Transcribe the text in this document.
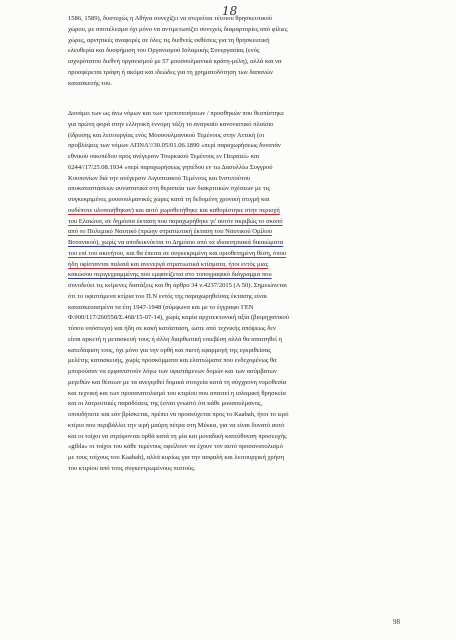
18
1586, 1589), δυστυχώς η Αθήνα συνεχίζει να στερείται τέτοιου θρησκευτικού
χώρου, με αποτέλεσμα όχι μόνο να αντιμετωπίζει συνεχείς διαμαρτυρίες από φίλιες
χώρες, αρνητικές αναφορές σε όλες τις διεθνείς εκθέσεις για τη θρησκευτική
ελευθερία και δυσφήμιση του Οργανισμού Ισλαμικής Συνεργασίας (ενός
ισχυρότατου διεθνή οργανισμού με 57 μουσουλμανικά κράτη-μέλη), αλλά και να
προσφέρεται τράφη ή ακόμα και ιδεώδες για τη χρηματοδότηση των δαπανών
κατασκευής του.
Δυνάμει των ως άνω νόμων και των τροποποιήσεων / προσθηκών που θεσπίστηκε
για πρώτη φορά στην ελληνική έννομη τάξη το αναγκαίο κανονιστικό πλαίσιο
(ίδρυσης και λειτουργίας ενός Μουσουλμανικού Τεμένους στην Αττική (οι
προβλέψεις των νόμων ΑΠΝΑ'//30.05/01.06.1890 «περί παραχωρήσεως δυνατάν
εθνικού οικοπέδου προς ανέγερσιν Τουρκικού Τεμένους εν Πειραιεί» και
6244//17/25.08.1934 «περί παραχωρήσεως γηπέδου εν τω Δασυλλίω Συγγρού
Κουπονίων διά την ανέγερσιν Αιγυπτιακού Τεμένους και Ινστιτούτου
αποκαταστάσεων συνιστατικά στη θεραπεία των διακριτικών σχέσεων με τις
συγκεκριμένες μουσουλμανικές χώρες κατά τη δεδομένη χρονική στιγμή και
ουδέποτε υλοποιήθηκαν) και αυτό χωροθετήθηκε και καθορίστηκε στην περιοχή
του Ελαιώνα, σε δημόσια έκταση που παραχωρήθηκε γι' αυτόν ακριβώς το σκοπό
από το Πολεμικό Ναυτικό (πρώην στρατιωτική έκταση του Ναυτικού Ομίλου
Βοτανικού), χωρίς να αποδεικνύεται το Δημόσιο από τα ιδιοκτησιακά δικαιώματα
του επί του ακινήτου, και θα έπειτα σε συγκεκριμένη και οριοθετημένη θέση, όπου
ήδη υφίστανται παλαιά και ανενεργά στρατιωτικά κτίσματα, ήτοι εντός μιας
κακώσου περιγεγραμμένης που εμφανίζεται στο τοπογραφικό διάγραμμα που
συνοδεύει τις κείμενες διατάξεις και θη άρθρο 34 ν.4237/2015 (Α 50). Σημειώνεται
ότι το υφιστάμενα κτίρια του Π.Ν εντός της παραχωρηθείσας έκτασης είναι
κατασκευασμένα τα έτη 1947-1948 (σύμφωνα και με το έγγραφο ΓΕΝ
Φ.900/117/260558/Σ.468/15-07-14), χωρίς καμία αρχιτεκτονική αξία (βιομηχανικού
τύπου υπόστεγα) και ήδη σε κακή κατάσταση, ώστε από τεχνικής απόψεως δεν
είναι αρκετή η μετασκευή τους ή άλλη διαρθωτική επιεβέση αλλά θα απαιτηθεί η
κατεδάφιση τους, όχι μόνο για την ορθή και πιστή εφαρμογή της εγκριθείσας
μελέτης κατασκευής, χωρίς προσκόμματα και ελαττώματα που ενδεχομένως θα
μπορούσαν να εμφανιστούν λόγω των υφιστάμενων δομών και των ασύμβατων
μεγεθών και θέσεων με τα ανεγερθεί δομικά στοιχεία κατά τη σύγχρονη νομοθεσία
και τεχνική και των προσανατολισμό του κτιρίου που απαιτεί η ισλαμική θρησκεία
και οι λατρευτικές παραδόσεις της (είναι γνωστό ότι κάθε μουσουλμανος,
οπουδήποτε και εάν βρίσκεται, πρέπει να προσεύχεται προς το Kaabah, ήτοι το ιερό
κτίριο που περιβάλλει την ιερή μαύρη πέτρα στη Μέκκα, για να είναι δυνατό αυτό
και οι τοίχοι να στρέφονται ορθά κατά τη μία και μοναδική κατεύθυνση προσευχής
«gibla» οι τοίχοι του κάθε τεμένους οφείλουν να έχουν τον αυτό προσανατολισμό
με τους τοίχους του Kaabah), αλλά κυρίως για την ασφαλή και λειτουργική χρήση
του κτιρίου από τους συγκεντρωμένους πιστούς.
98
